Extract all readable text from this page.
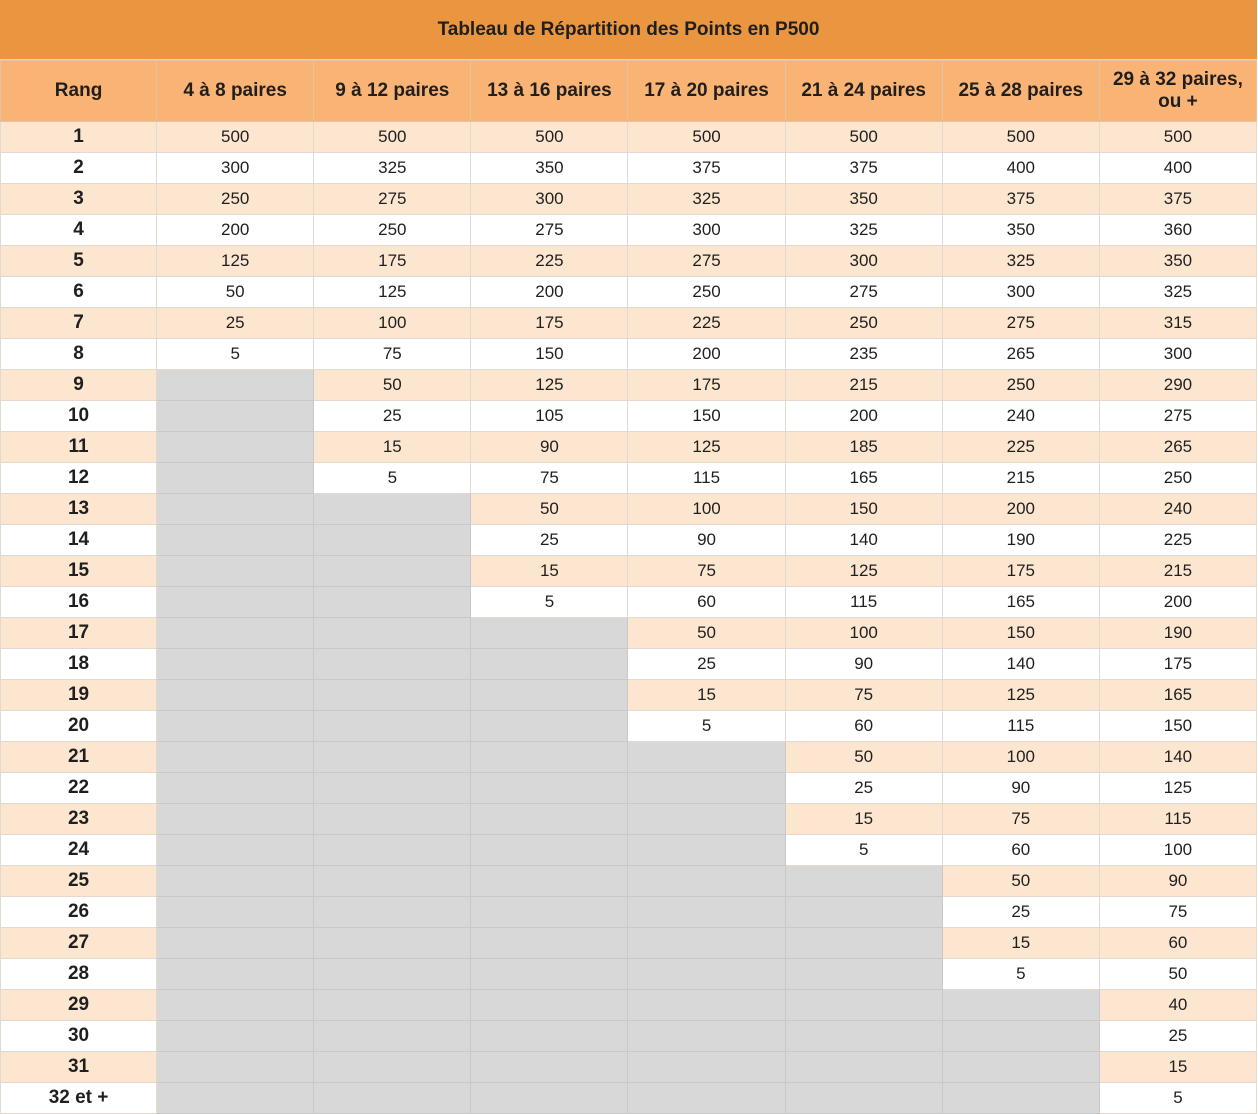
Tableau de Répartition des Points en P500
Rang	4 à 8 paires	9 à 12 paires	13 à 16 paires	17 à 20 paires	21 à 24 paires	25 à 28 paires	29 à 32 paires, ou +
1	500	500	500	500	500	500	500
2	300	325	350	375	375	400	400
3	250	275	300	325	350	375	375
4	200	250	275	300	325	350	360
5	125	175	225	275	300	325	350
6	50	125	200	250	275	300	325
7	25	100	175	225	250	275	315
8	5	75	150	200	235	265	300
9		50	125	175	215	250	290
10		25	105	150	200	240	275
11		15	90	125	185	225	265
12		5	75	115	165	215	250
13			50	100	150	200	240
14			25	90	140	190	225
15			15	75	125	175	215
16			5	60	115	165	200
17				50	100	150	190
18				25	90	140	175
19				15	75	125	165
20				5	60	115	150
21					50	100	140
22					25	90	125
23					15	75	115
24					5	60	100
25						50	90
26						25	75
27						15	60
28						5	50
29							40
30							25
31							15
32 et +							5
